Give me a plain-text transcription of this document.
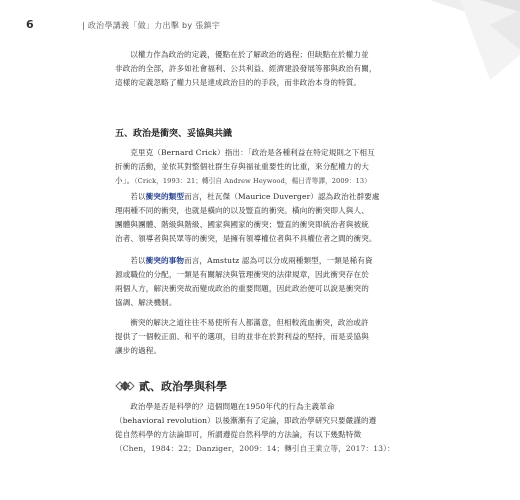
6	| 政治學講義「做」力出擊 by 張鎮宇

以權力作為政治的定義，優點在於了解政治的過程；但缺點在於權力並

非政治的全部，許多如社會福利、公共利益、經濟建設發展等都與政治有關，

這樣的定義忽略了權力只是達成政治目的的手段，而非政治本身的特質。

五、政治是衝突、妥協與共識

克里克（Bernard Crick）指出：「政治是各種利益在特定規則之下相互

折衝的活動，並依其對整個社群生存與福祉重要性的比重，來分配權力的大

小」。（Crick，1993：21；轉引自 Andrew Heywood，楊日青等譯，2009：13）

若以衝突的類型而言，杜瓦傑（Maurice Duverger）認為政治社群要處

理兩種不同的衝突，也就是橫向的以及豎直的衝突。橫向的衝突即人與人、

團體與團體、階級與階級、國家與國家的衝突；豎直的衝突即統治者與被統

治者、領導者與民眾等的衝突，是擁有領導權位者與不具權位者之間的衝突。

若以衝突的事物而言，Amstutz 認為可以分成兩種類型，一類是稀有資

源或職位的分配，一類是有關解決與管理衝突的法律規章，因此衝突存在於

兩個人方，解決衝突故而變成政治的重要問題，因此政治便可以說是衝突的

協調、解決機制。

衝突的解決之道往往不易使所有人都滿意，但相較流血衝突，政治或許

提供了一個較正面、和平的選項，目的並非在於對利益的堅持，而是妥協與

讓步的過程。

貳、政治學與科學

政治學是否是科學的？這個問題在1950年代的行為主義革命

（behavioral revolution）以後漸漸有了定論，即政治學研究只要嚴謹的遵

從自然科學的方法論即可，所謂遵從自然科學的方法論，有以下幾點特徵

（Chen，1984：22；Danziger，2009：14；轉引自王業立等，2017：13）：
